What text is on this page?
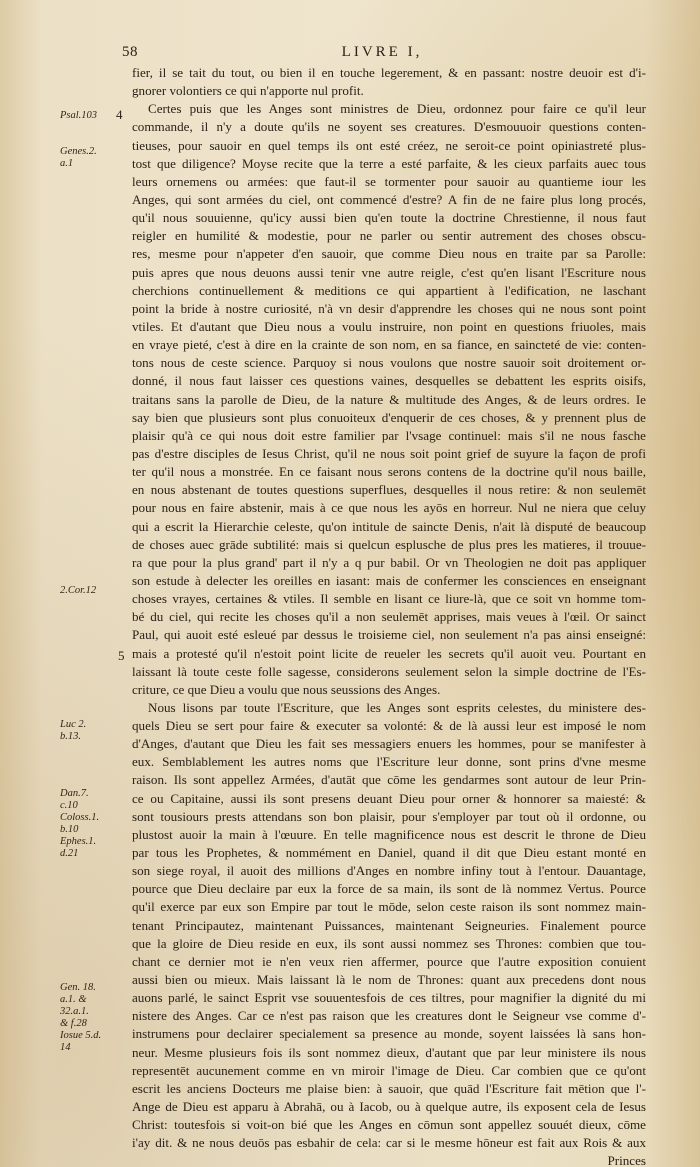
58	LIVRE I,
4
5
Psal.103
Genes.2.
a.1
2.Cor.12
Luc 2.
b.13.
Dan.7.
c.10
Coloss.1.
b.10
Ephes.1.
d.21
Gen. 18.
a.1. &
32.a.1.
& f.28
Iosue 5.d.
14
fier, il se tait du tout, ou bien il en touche legerement, & en passant: nostre deuoir est d'i-
gnorer volontiers ce qui n'apporte nul profit.
Certes puis que les Anges sont ministres de Dieu, ordonnez pour faire ce qu'il leur
commande, il n'y a doute qu'ils ne soyent ses creatures. D'esmouuoir questions conten-
tieuses, pour sauoir en quel temps ils ont esté créez, ne seroit-ce point opiniastreté plus-
tost que diligence? Moyse recite que la terre a esté parfaite, & les cieux parfaits auec tous
leurs ornemens ou armées: que faut-il se tormenter pour sauoir au quantieme iour les
Anges, qui sont armées du ciel, ont commencé d'estre? A fin de ne faire plus long procés,
qu'il nous souuienne, qu'icy aussi bien qu'en toute la doctrine Chrestienne, il nous faut
reigler en humilité & modestie, pour ne parler ou sentir autrement des choses obscu-
res, mesme pour n'appeter d'en sauoir, que comme Dieu nous en traite par sa Parolle:
puis apres que nous deuons aussi tenir vne autre reigle, c'est qu'en lisant l'Escriture nous
cherchions continuellement & meditions ce qui appartient à l'edification, ne laschant
point la bride à nostre curiosité, n'à vn desir d'apprendre les choses qui ne nous sont point
vtiles. Et d'autant que Dieu nous a voulu instruire, non point en questions friuoles, mais
en vraye pieté, c'est à dire en la crainte de son nom, en sa fiance, en saincteté de vie: conten-
tons nous de ceste science. Parquoy si nous voulons que nostre sauoir soit droitement or-
donné, il nous faut laisser ces questions vaines, desquelles se debattent les esprits oisifs,
traitans sans la parolle de Dieu, de la nature & multitude des Anges, & de leurs ordres. Ie
say bien que plusieurs sont plus conuoiteux d'enquerir de ces choses, & y prennent plus de
plaisir qu'à ce qui nous doit estre familier par l'vsage continuel: mais s'il ne nous fasche
pas d'estre disciples de Iesus Christ, qu'il ne nous soit point grief de suyure la façon de profi
ter qu'il nous a monstrée. En ce faisant nous serons contens de la doctrine qu'il nous baille,
en nous abstenant de toutes questions superflues, desquelles il nous retire: & non seulemēt
pour nous en faire abstenir, mais à ce que nous les ayōs en horreur. Nul ne niera que celuy
qui a escrit la Hierarchie celeste, qu'on intitule de saincte Denis, n'ait là disputé de beaucoup
de choses auec grāde subtilité: mais si quelcun esplusche de plus pres les matieres, il trouue-
ra que pour la plus grand' part il n'y a q pur babil. Or vn Theologien ne doit pas appliquer
son estude à delecter les oreilles en iasant: mais de confermer les consciences en enseignant
choses vrayes, certaines & vtiles. Il semble en lisant ce liure-là, que ce soit vn homme tom-
bé du ciel, qui recite les choses qu'il a non seulemēt apprises, mais veues à l'œil. Or sainct
Paul, qui auoit esté esleué par dessus le troisieme ciel, non seulement n'a pas ainsi enseigné:
mais a protesté qu'il n'estoit point licite de reueler les secrets qu'il auoit veu. Pourtant en
laissant là toute ceste folle sagesse, considerons seulement selon la simple doctrine de l'Es-
criture, ce que Dieu a voulu que nous seussions des Anges.
Nous lisons par toute l'Escriture, que les Anges sont esprits celestes, du ministere des-
quels Dieu se sert pour faire & executer sa volonté: & de là aussi leur est imposé le nom
d'Anges, d'autant que Dieu les fait ses messagiers enuers les hommes, pour se manifester à
eux. Semblablement les autres noms que l'Escriture leur donne, sont prins d'vne mesme
raison. Ils sont appellez Armées, d'autāt que cōme les gendarmes sont autour de leur Prin-
ce ou Capitaine, aussi ils sont presens deuant Dieu pour orner & honnorer sa maiesté: &
sont tousiours prests attendans son bon plaisir, pour s'employer par tout où il ordonne, ou
plustost auoir la main à l'œuure. En telle magnificence nous est descrit le throne de Dieu
par tous les Prophetes, & nommément en Daniel, quand il dit que Dieu estant monté en
son siege royal, il auoit des millions d'Anges en nombre infiny tout à l'entour. Dauantage,
pource que Dieu declaire par eux la force de sa main, ils sont de là nommez Vertus. Pource
qu'il exerce par eux son Empire par tout le mōde, selon ceste raison ils sont nommez main-
tenant Principautez, maintenant Puissances, maintenant Seigneuries. Finalement pource
que la gloire de Dieu reside en eux, ils sont aussi nommez ses Thrones: combien que tou-
chant ce dernier mot ie n'en veux rien affermer, pource que l'autre exposition conuient
aussi bien ou mieux. Mais laissant là le nom de Thrones: quant aux precedens dont nous
auons parlé, le sainct Esprit vse souuentesfois de ces tiltres, pour magnifier la dignité du mi
nistere des Anges. Car ce n'est pas raison que les creatures dont le Seigneur vse comme d'-
instrumens pour declairer specialement sa presence au monde, soyent laissées là sans hon-
neur. Mesme plusieurs fois ils sont nommez dieux, d'autant que par leur ministere ils nous
representēt aucunement comme en vn miroir l'image de Dieu. Car combien que ce qu'ont
escrit les anciens Docteurs me plaise bien: à sauoir, que quād l'Escriture fait mētion que l'-
Ange de Dieu est apparu à Abrahā, ou à Iacob, ou à quelque autre, ils exposent cela de Iesus
Christ: toutesfois si voit-on bié que les Anges en cōmun sont appellez souuét dieux, cōme
i'ay dit. & ne nous deuōs pas esbahir de cela: car si le mesme hōneur est fait aux Rois & aux
Princes
